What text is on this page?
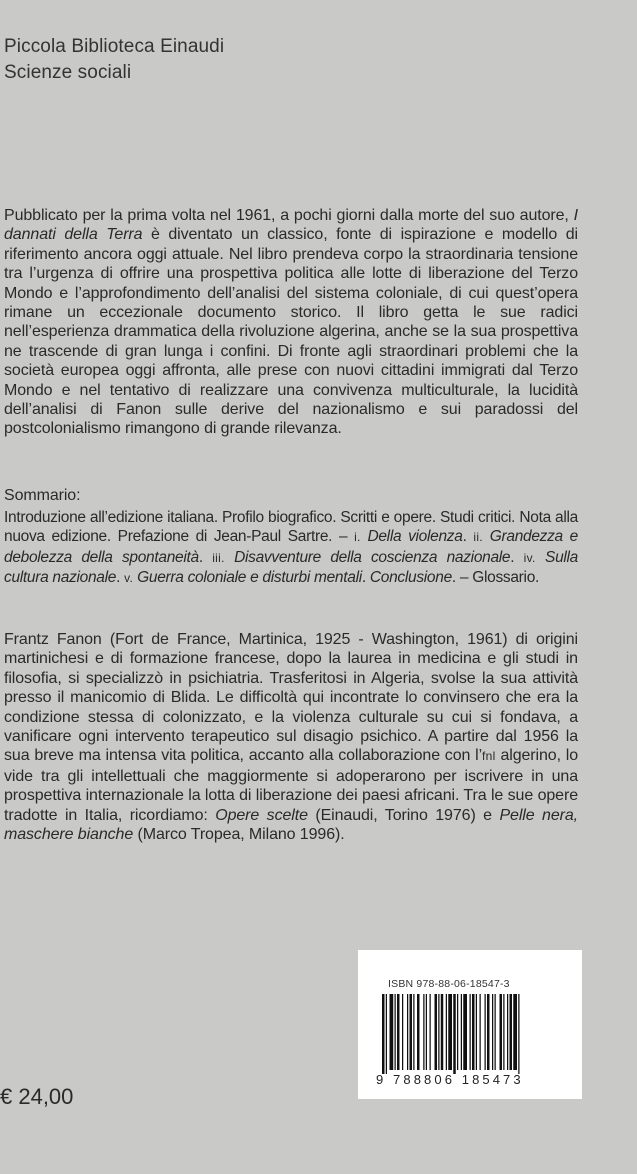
Piccola Biblioteca Einaudi
Scienze sociali

Pubblicato per la prima volta nel 1961, a pochi giorni dalla morte del suo autore, I dannati della Terra è diventato un classico, fonte di ispirazione e modello di riferimento ancora oggi attuale. Nel libro prendeva corpo la straordinaria tensione tra l’urgenza di offrire una prospettiva politica alle lotte di liberazione del Terzo Mondo e l’approfondimento dell’analisi del sistema coloniale, di cui quest’opera rimane un eccezionale documento storico. Il libro getta le sue radici nell’esperienza drammatica della rivoluzione algerina, anche se la sua prospettiva ne trascende di gran lunga i confini. Di fronte agli straordinari problemi che la società europea oggi affronta, alle prese con nuovi cittadini immigrati dal Terzo Mondo e nel tentativo di realizzare una convivenza multiculturale, la lucidità dell’analisi di Fanon sulle derive del nazionalismo e sui paradossi del postcolonialismo rimangono di grande rilevanza.

Sommario:

Introduzione all’edizione italiana. Profilo biografico. Scritti e opere. Studi critici. Nota alla nuova edizione. Prefazione di Jean-Paul Sartre. – i. Della violenza. ii. Grandezza e debolezza della spontaneità. iii. Disavventure della coscienza nazionale. iv. Sulla cultura nazionale. v. Guerra coloniale e disturbi mentali. Conclusione. – Glossario.

Frantz Fanon (Fort de France, Martinica, 1925 - Washington, 1961) di origini martinichesi e di formazione francese, dopo la laurea in medicina e gli studi in filosofia, si specializzò in psichiatria. Trasferitosi in Algeria, svolse la sua attività presso il manicomio di Blida. Le difficoltà qui incontrate lo convinsero che era la condizione stessa di colonizzato, e la violenza culturale su cui si fondava, a vanificare ogni intervento terapeutico sul disagio psichico. A partire dal 1956 la sua breve ma intensa vita politica, accanto alla collaborazione con l’fnl algerino, lo vide tra gli intellettuali che maggiormente si adoperarono per iscrivere in una prospettiva internazionale la lotta di liberazione dei paesi africani. Tra le sue opere tradotte in Italia, ricordiamo: Opere scelte (Einaudi, Torino 1976) e Pelle nera, maschere bianche (Marco Tropea, Milano 1996).

ISBN 978-88-06-18547-3
9 788806 185473
€ 24,00
